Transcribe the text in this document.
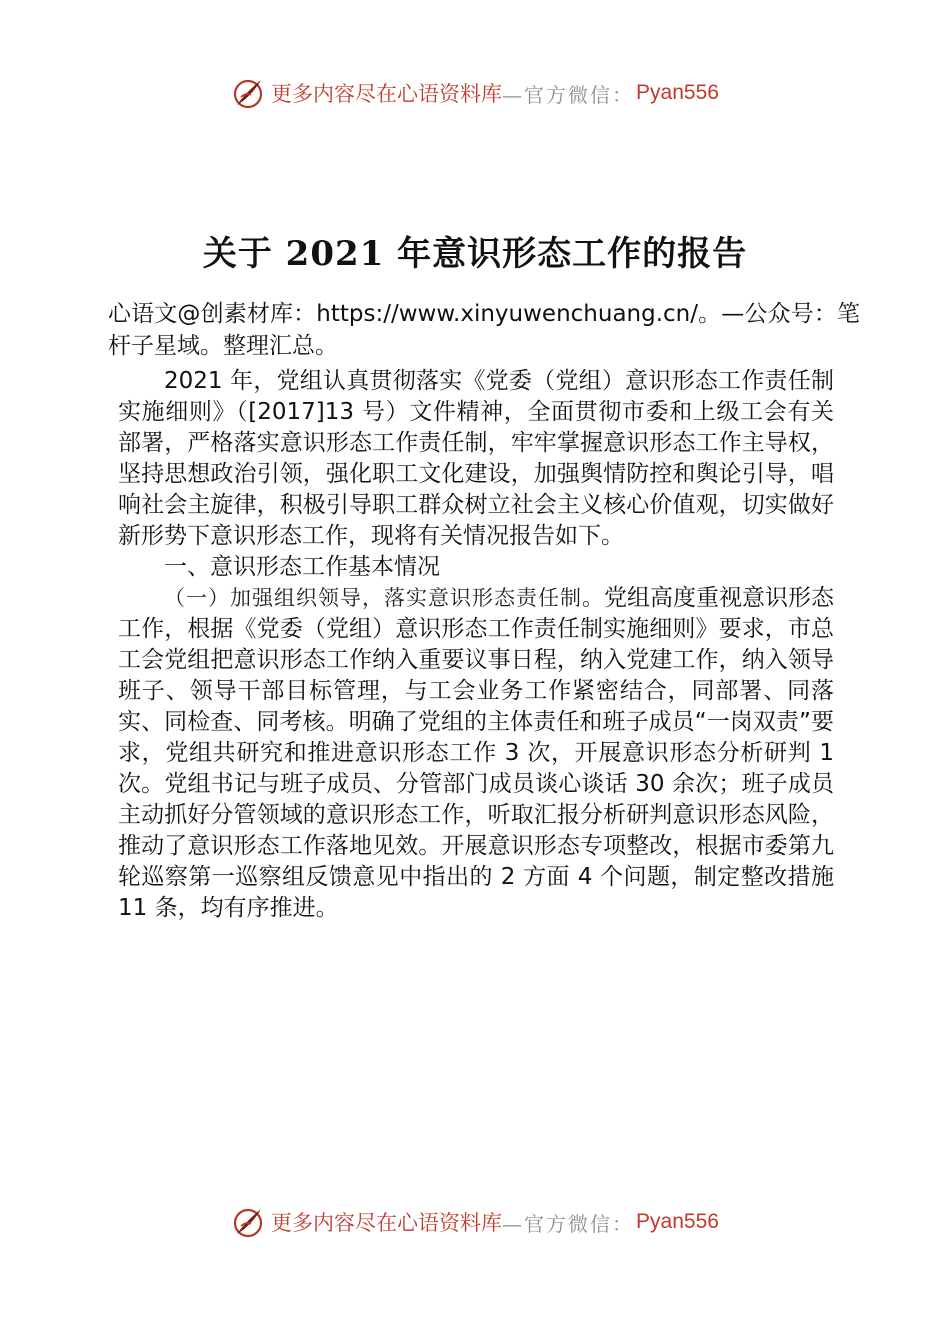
更多内容尽在心语资料库 —官方微信： Pyan556
关于 2021 年意识形态工作的报告
心语文@创素材库：https://www.xinyuwenchuang.cn/。—公众号：笔杆子星域。整理汇总。

2021 年，党组认真贯彻落实《党委（党组）意识形态工作责任制实施细则》（[2017]13 号）文件精神，全面贯彻市委和上级工会有关部署，严格落实意识形态工作责任制，牢牢掌握意识形态工作主导权，坚持思想政治引领，强化职工文化建设，加强舆情防控和舆论引导，唱响社会主旋律，积极引导职工群众树立社会主义核心价值观，切实做好新形势下意识形态工作，现将有关情况报告如下。

一、意识形态工作基本情况

（一）加强组织领导，落实意识形态责任制。党组高度重视意识形态工作，根据《党委（党组）意识形态工作责任制实施细则》要求，市总工会党组把意识形态工作纳入重要议事日程，纳入党建工作，纳入领导班子、领导干部目标管理，与工会业务工作紧密结合，同部署、同落实、同检查、同考核。明确了党组的主体责任和班子成员“一岗双责”要求，党组共研究和推进意识形态工作 3 次，开展意识形态分析研判 1 次。党组书记与班子成员、分管部门成员谈心谈话 30 余次；班子成员主动抓好分管领域的意识形态工作，听取汇报分析研判意识形态风险，推动了意识形态工作落地见效。开展意识形态专项整改，根据市委第九轮巡察第一巡察组反馈意见中指出的 2 方面 4 个问题，制定整改措施 11 条，均有序推进。

更多内容尽在心语资料库 —官方微信： Pyan556
